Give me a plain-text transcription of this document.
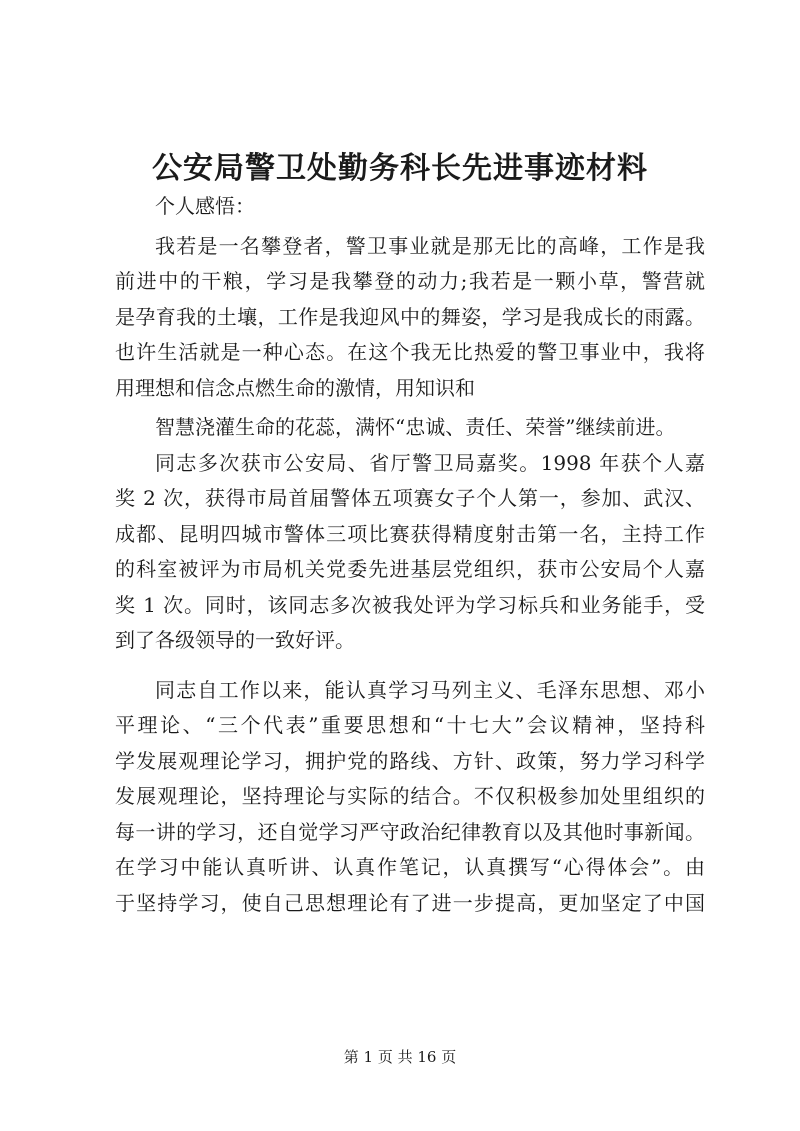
公安局警卫处勤务科长先进事迹材料
个人感悟：
我若是一名攀登者，警卫事业就是那无比的高峰，工作是我
前进中的干粮，学习是我攀登的动力;我若是一颗小草，警营就
是孕育我的土壤，工作是我迎风中的舞姿，学习是我成长的雨露。
也许生活就是一种心态。在这个我无比热爱的警卫事业中，我将
用理想和信念点燃生命的激情，用知识和
智慧浇灌生命的花蕊，满怀“忠诚、责任、荣誉”继续前进。
同志多次获市公安局、省厅警卫局嘉奖。1998 年获个人嘉
奖 2 次，获得市局首届警体五项赛女子个人第一，参加、武汉、
成都、昆明四城市警体三项比赛获得精度射击第一名，主持工作
的科室被评为市局机关党委先进基层党组织，获市公安局个人嘉
奖 1 次。同时，该同志多次被我处评为学习标兵和业务能手，受
到了各级领导的一致好评。
同志自工作以来，能认真学习马列主义、毛泽东思想、邓小
平理论、“三个代表”重要思想和“十七大”会议精神，坚持科
学发展观理论学习，拥护党的路线、方针、政策，努力学习科学
发展观理论，坚持理论与实际的结合。不仅积极参加处里组织的
每一讲的学习，还自觉学习严守政治纪律教育以及其他时事新闻。
在学习中能认真听讲、认真作笔记，认真撰写“心得体会”。由
于坚持学习，使自己思想理论有了进一步提高，更加坚定了中国
第 1 页 共 16 页
